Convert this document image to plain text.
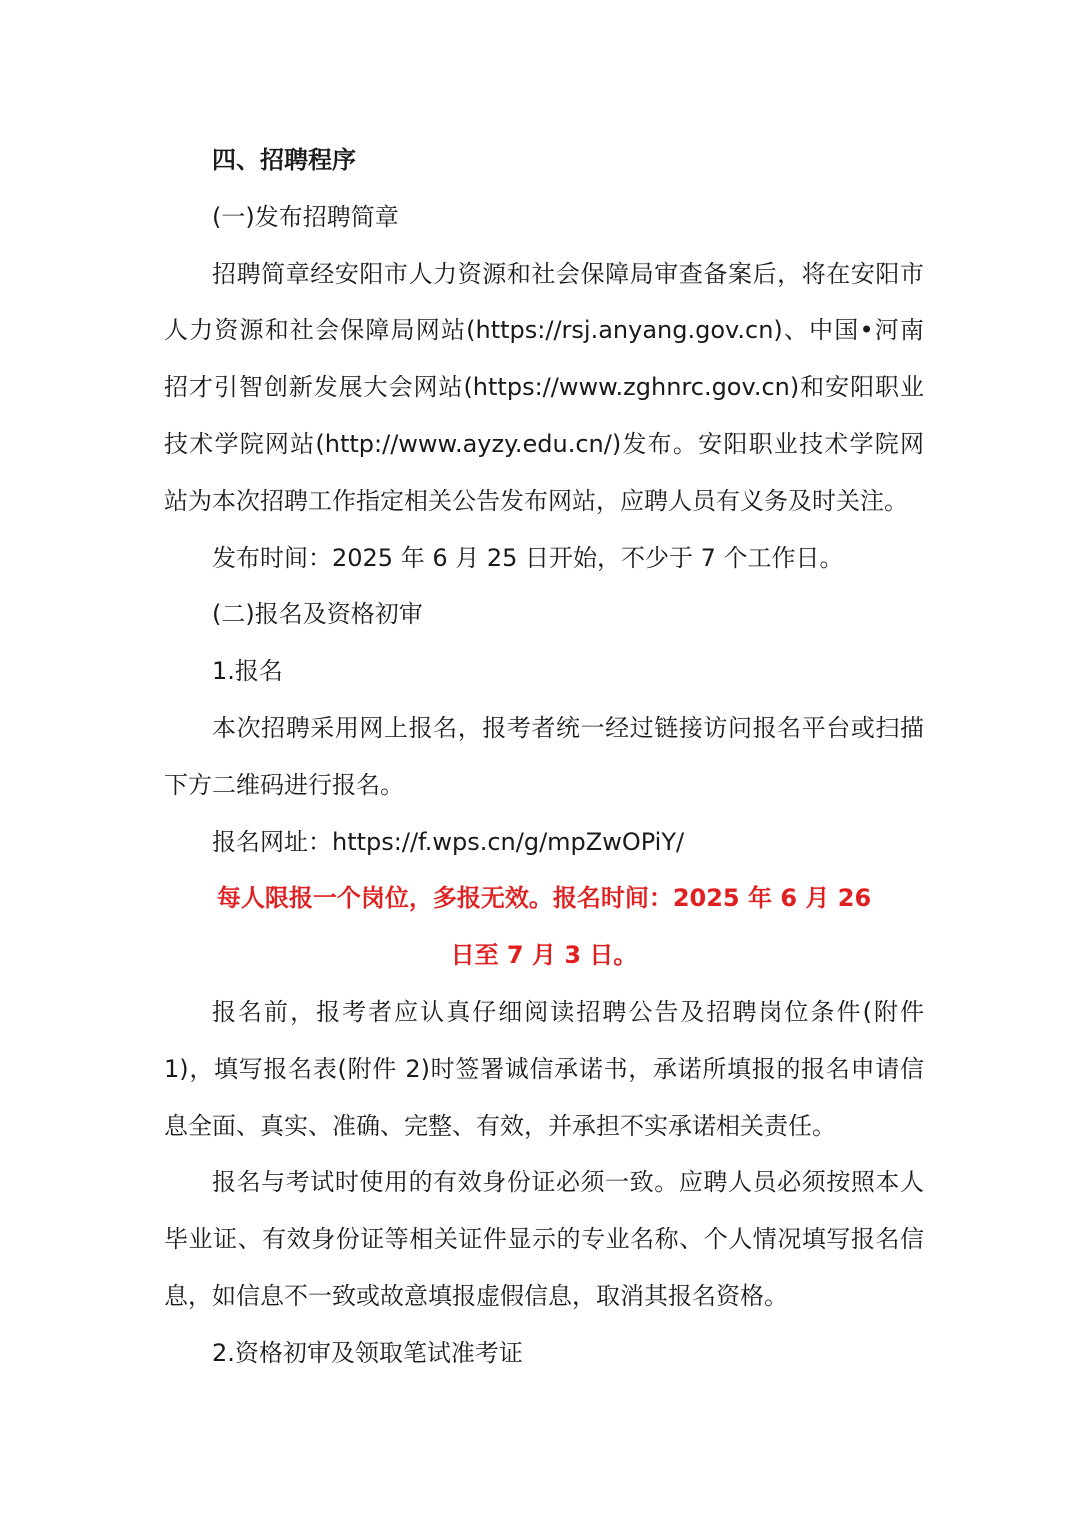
四、招聘程序

(一)发布招聘简章

招聘简章经安阳市人力资源和社会保障局审查备案后，将在安阳市人力资源和社会保障局网站(https://rsj.anyang.gov.cn)、中国•河南招才引智创新发展大会网站(https://www.zghnrc.gov.cn)和安阳职业技术学院网站(http://www.ayzy.edu.cn/)发布。安阳职业技术学院网站为本次招聘工作指定相关公告发布网站，应聘人员有义务及时关注。

发布时间：2025 年 6 月 25 日开始，不少于 7 个工作日。

(二)报名及资格初审

1.报名

本次招聘采用网上报名，报考者统一经过链接访问报名平台或扫描下方二维码进行报名。

报名网址：https://f.wps.cn/g/mpZwOPiY/

每人限报一个岗位，多报无效。报名时间：2025 年 6 月 26

日至 7 月 3 日。

报名前，报考者应认真仔细阅读招聘公告及招聘岗位条件(附件 1)，填写报名表(附件 2)时签署诚信承诺书，承诺所填报的报名申请信息全面、真实、准确、完整、有效，并承担不实承诺相关责任。

报名与考试时使用的有效身份证必须一致。应聘人员必须按照本人毕业证、有效身份证等相关证件显示的专业名称、个人情况填写报名信息，如信息不一致或故意填报虚假信息，取消其报名资格。

2.资格初审及领取笔试准考证
